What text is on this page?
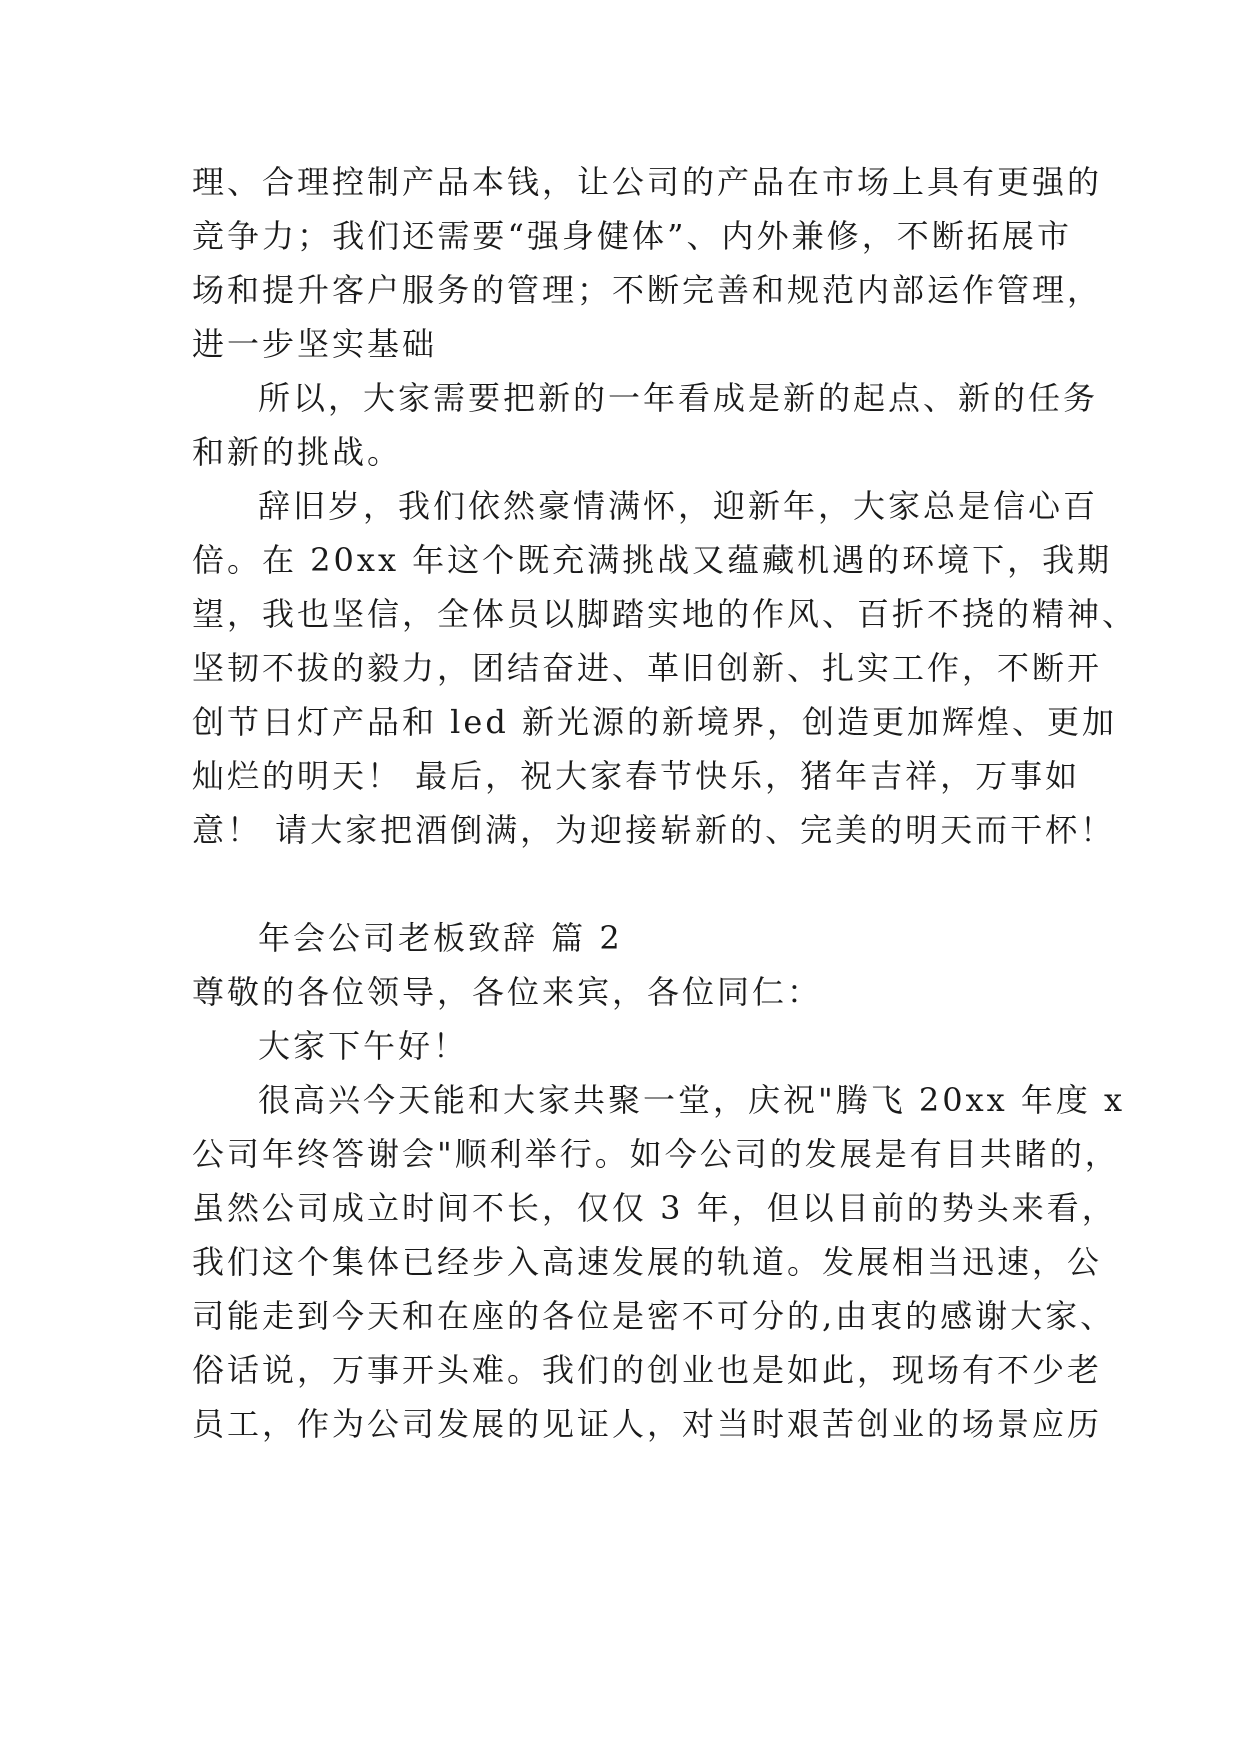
理、合理控制产品本钱，让公司的产品在市场上具有更强的
竞争力；我们还需要“强身健体”、内外兼修，不断拓展市
场和提升客户服务的管理；不断完善和规范内部运作管理，
进一步坚实基础
所以，大家需要把新的一年看成是新的起点、新的任务
和新的挑战。
辞旧岁，我们依然豪情满怀，迎新年，大家总是信心百
倍。在 20xx 年这个既充满挑战又蕴藏机遇的环境下，我期
望，我也坚信，全体员以脚踏实地的作风、百折不挠的精神、
坚韧不拔的毅力，团结奋进、革旧创新、扎实工作，不断开
创节日灯产品和 led 新光源的新境界，创造更加辉煌、更加
灿烂的明天！ 最后，祝大家春节快乐，猪年吉祥，万事如
意！ 请大家把酒倒满，为迎接崭新的、完美的明天而干杯！
年会公司老板致辞 篇 2
尊敬的各位领导，各位来宾，各位同仁：
大家下午好！
很高兴今天能和大家共聚一堂，庆祝"腾飞 20xx 年度 x
公司年终答谢会"顺利举行。如今公司的发展是有目共睹的，
虽然公司成立时间不长，仅仅 3 年，但以目前的势头来看，
我们这个集体已经步入高速发展的轨道。发展相当迅速，公
司能走到今天和在座的各位是密不可分的,由衷的感谢大家、
俗话说，万事开头难。我们的创业也是如此，现场有不少老
员工，作为公司发展的见证人，对当时艰苦创业的场景应历
